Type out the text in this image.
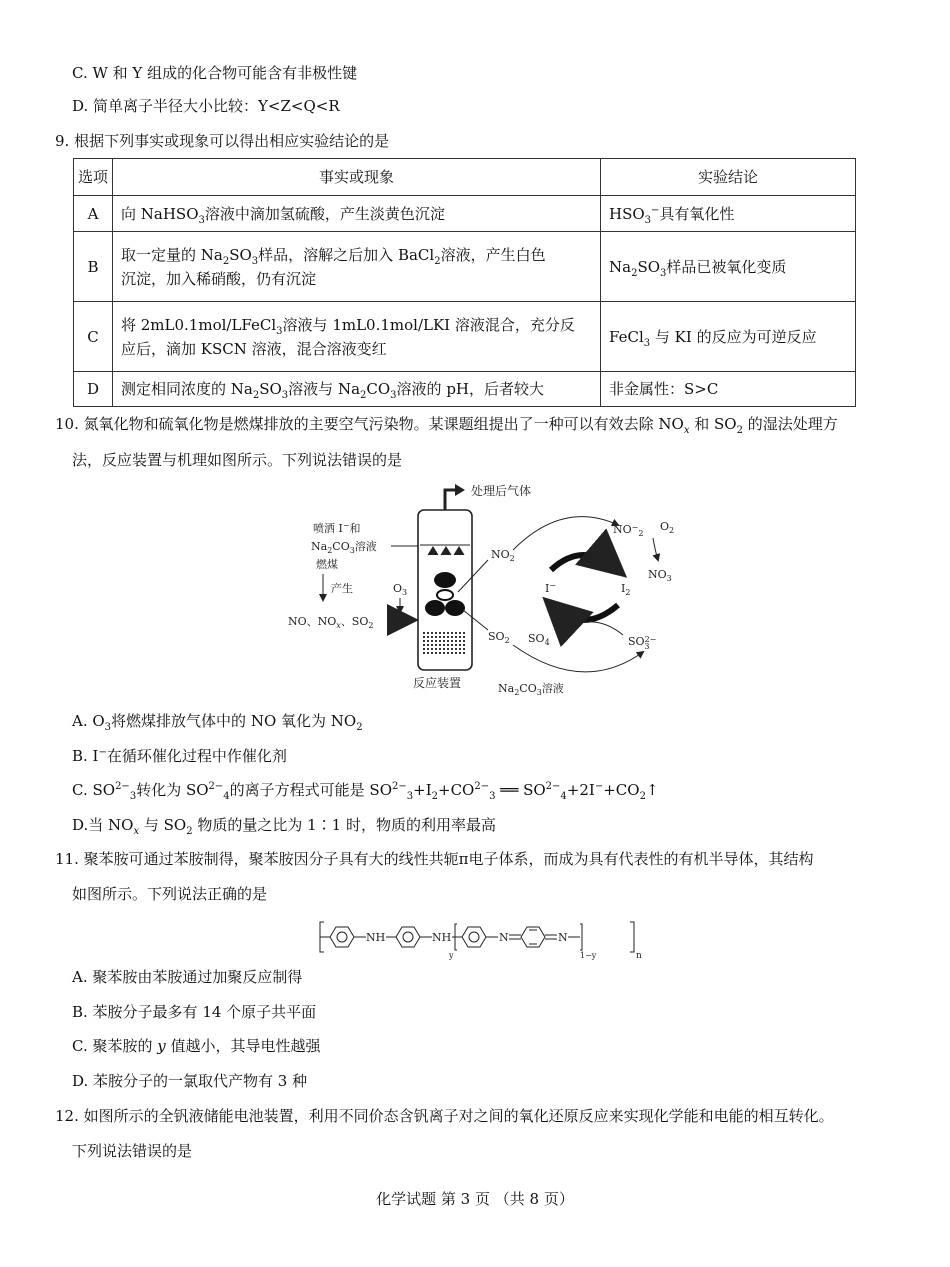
C. W 和 Y 组成的化合物可能含有非极性键
D. 简单离子半径大小比较：Y<Z<Q<R
9. 根据下列事实或现象可以得出相应实验结论的是
选项	事实或现象	实验结论
A	向 NaHSO$_3$溶液中滴加氢硫酸，产生淡黄色沉淀	$HSO_3^-$具有氧化性
B	取一定量的 $Na_2SO_3$样品，溶解之后加入 BaCl$_2$溶液，产生白色
沉淀，加入稀硝酸，仍有沉淀	$Na_2SO_3$样品已被氧化变质
C	将 2mL0.1mol/LFeCl$_3$溶液与 1mL0.1mol/LKI 溶液混合，充分反
应后，滴加 KSCN 溶液，混合溶液变红	FeCl$_3$ 与 KI 的反应为可逆反应
D	测定相同浓度的 $Na_2SO_3$溶液与 $Na_2CO_3$溶液的 pH，后者较大	非金属性：S>C
10. 氮氧化物和硫氧化物是燃煤排放的主要空气污染物。某课题组提出了一种可以有效去除 $NO_x$ 和 $SO_2$ 的湿法处理方
法，反应装置与机理如图所示。下列说法错误的是
处理后气体
反应装置
喷洒 I−和
$Na_2CO_3$溶液
燃煤
产生	$O_3$
NO、$NO_x$、$SO_2$
$NO_2$
$SO_2$ $SO_4$
$NO^-_2$
$O_2$
$NO_3$
I−	$I_2$
$SO^{2-}$ 3
$Na_2CO_3$溶液
A. $O_3$将燃煤排放气体中的 NO 氧化为 $NO_2$
B. I−在循环催化过程中作催化剂
C. $SO^{2-}_3$转化为 $SO^{2-}_4$的离子方程式可能是 $SO^{2-}_3+I_2+CO^{2-}_3$ ══ $SO^{2-}_4+2I^-+CO_2↑$
D.当 $NO_x$ 与 $SO_2$ 物质的量之比为 1∶1 时，物质的利用率最高
11. 聚苯胺可通过苯胺制得，聚苯胺因分子具有大的线性共轭π电子体系，而成为具有代表性的有机半导体，其结构
如图所示。下列说法正确的是
NH	NH
y
N	N
1−y	n
A. 聚苯胺由苯胺通过加聚反应制得
B. 苯胺分子最多有 14 个原子共平面
C. 聚苯胺的 y 值越小，其导电性越强
D. 苯胺分子的一氯取代产物有 3 种
12. 如图所示的全钒液储能电池装置，利用不同价态含钒离子对之间的氧化还原反应来实现化学能和电能的相互转化。
下列说法错误的是
化学试题 第 3 页 （共 8 页）
